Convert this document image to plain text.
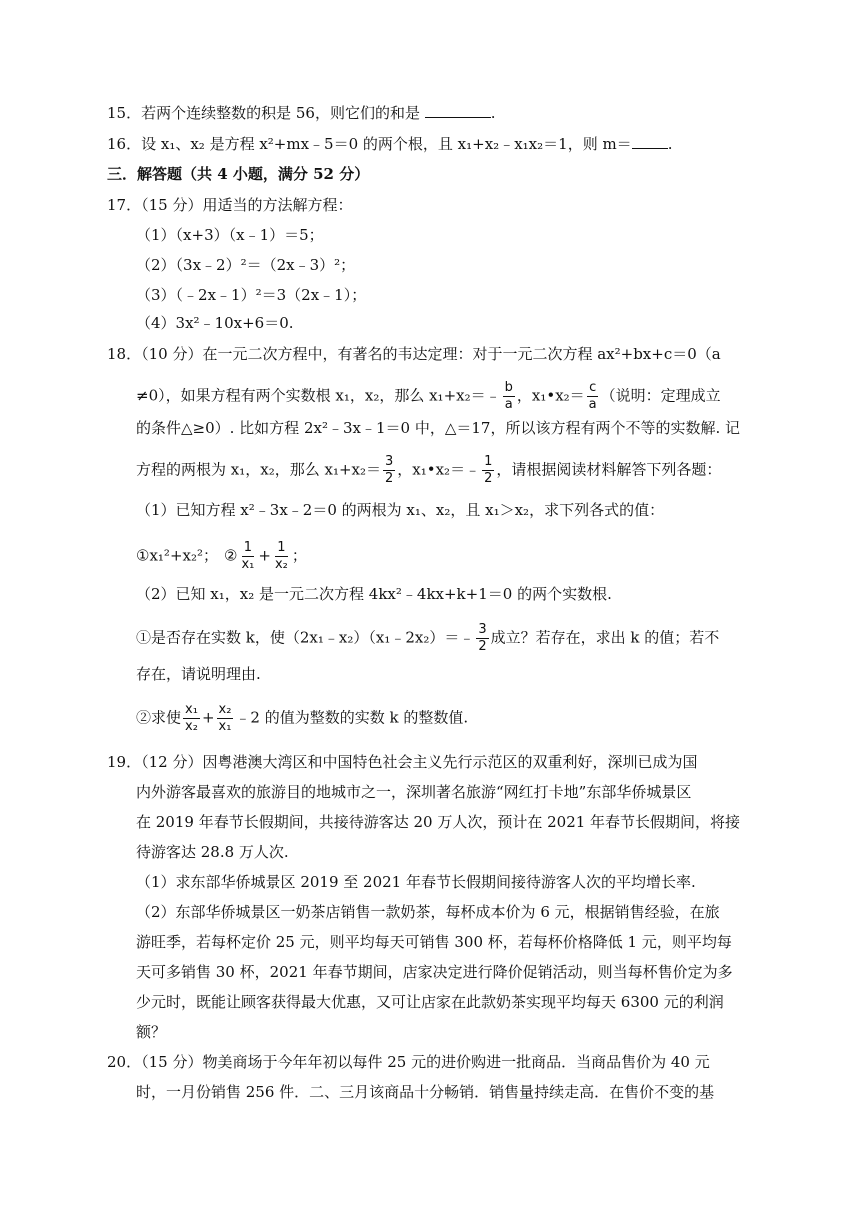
15．若两个连续整数的积是 56，则它们的和是	.
16．设 x₁、x₂ 是方程 x²+mx﹣5＝0 的两个根，且 x₁+x₂﹣x₁x₂＝1，则 m＝ .
三．解答题（共 4 小题，满分 52 分）
17．（15 分）用适当的方法解方程：
（1）（x+3）（x﹣1）＝5；
（2）（3x﹣2）²＝（2x﹣3）²；
（3）（﹣2x﹣1）²＝3（2x﹣1）；
（4）3x²﹣10x+6＝0.
18．（10 分）在一元二次方程中，有著名的韦达定理：对于一元二次方程 ax²+bx+c＝0（a
≠0），如果方程有两个实数根 x₁，x₂，那么 x₁+x₂＝﹣ $\frac{b}{a}$ ，x₁•x₂＝ $\frac{c}{a}$ （说明：定理成立
的条件△≥0）. 比如方程 2x²﹣3x﹣1＝0 中，△＝17，所以该方程有两个不等的实数解. 记
方程的两根为 x₁，x₂，那么 $x_1+x_2= \frac{3}{2}$ ，x₁•x₂＝﹣ $\frac{1}{2}$ ，请根据阅读材料解答下列各题：
（1）已知方程 x²﹣3x﹣2＝0 的两根为 x₁、x₂，且 x₁＞x₂，求下列各式的值：
①x₁²+x₂²； ② $\frac{1}{\text{x₁}} + \frac{1}{\text{x₂}}$ ；
（2）已知 x₁，x₂ 是一元二次方程 4kx²﹣4kx+k+1＝0 的两个实数根.
①是否存在实数 k，使（2x₁﹣x₂）（x₁﹣2x₂）＝﹣ $\frac{3}{2}$ 成立？若存在，求出 k 的值；若不
存在，请说明理由.
②求使 $\frac{\text{x₁}}{\text{x₂}} + \frac{\text{x₂}}{\text{x₁}}$ ﹣2 的值为整数的实数 k 的整数值.
19．（12 分）因粤港澳大湾区和中国特色社会主义先行示范区的双重利好，深圳已成为国
内外游客最喜欢的旅游目的地城市之一，深圳著名旅游“网红打卡地”东部华侨城景区
在 2019 年春节长假期间，共接待游客达 20 万人次，预计在 2021 年春节长假期间，将接
待游客达 28.8 万人次.
（1）求东部华侨城景区 2019 至 2021 年春节长假期间接待游客人次的平均增长率.
（2）东部华侨城景区一奶茶店销售一款奶茶，每杯成本价为 6 元，根据销售经验，在旅
游旺季，若每杯定价 25 元，则平均每天可销售 300 杯，若每杯价格降低 1 元，则平均每
天可多销售 30 杯，2021 年春节期间，店家决定进行降价促销活动，则当每杯售价定为多
少元时，既能让顾客获得最大优惠，又可让店家在此款奶茶实现平均每天 6300 元的利润
额？
20．（15 分）物美商场于今年年初以每件 25 元的进价购进一批商品．当商品售价为 40 元
时，一月份销售 256 件．二、三月该商品十分畅销．销售量持续走高．在售价不变的基
